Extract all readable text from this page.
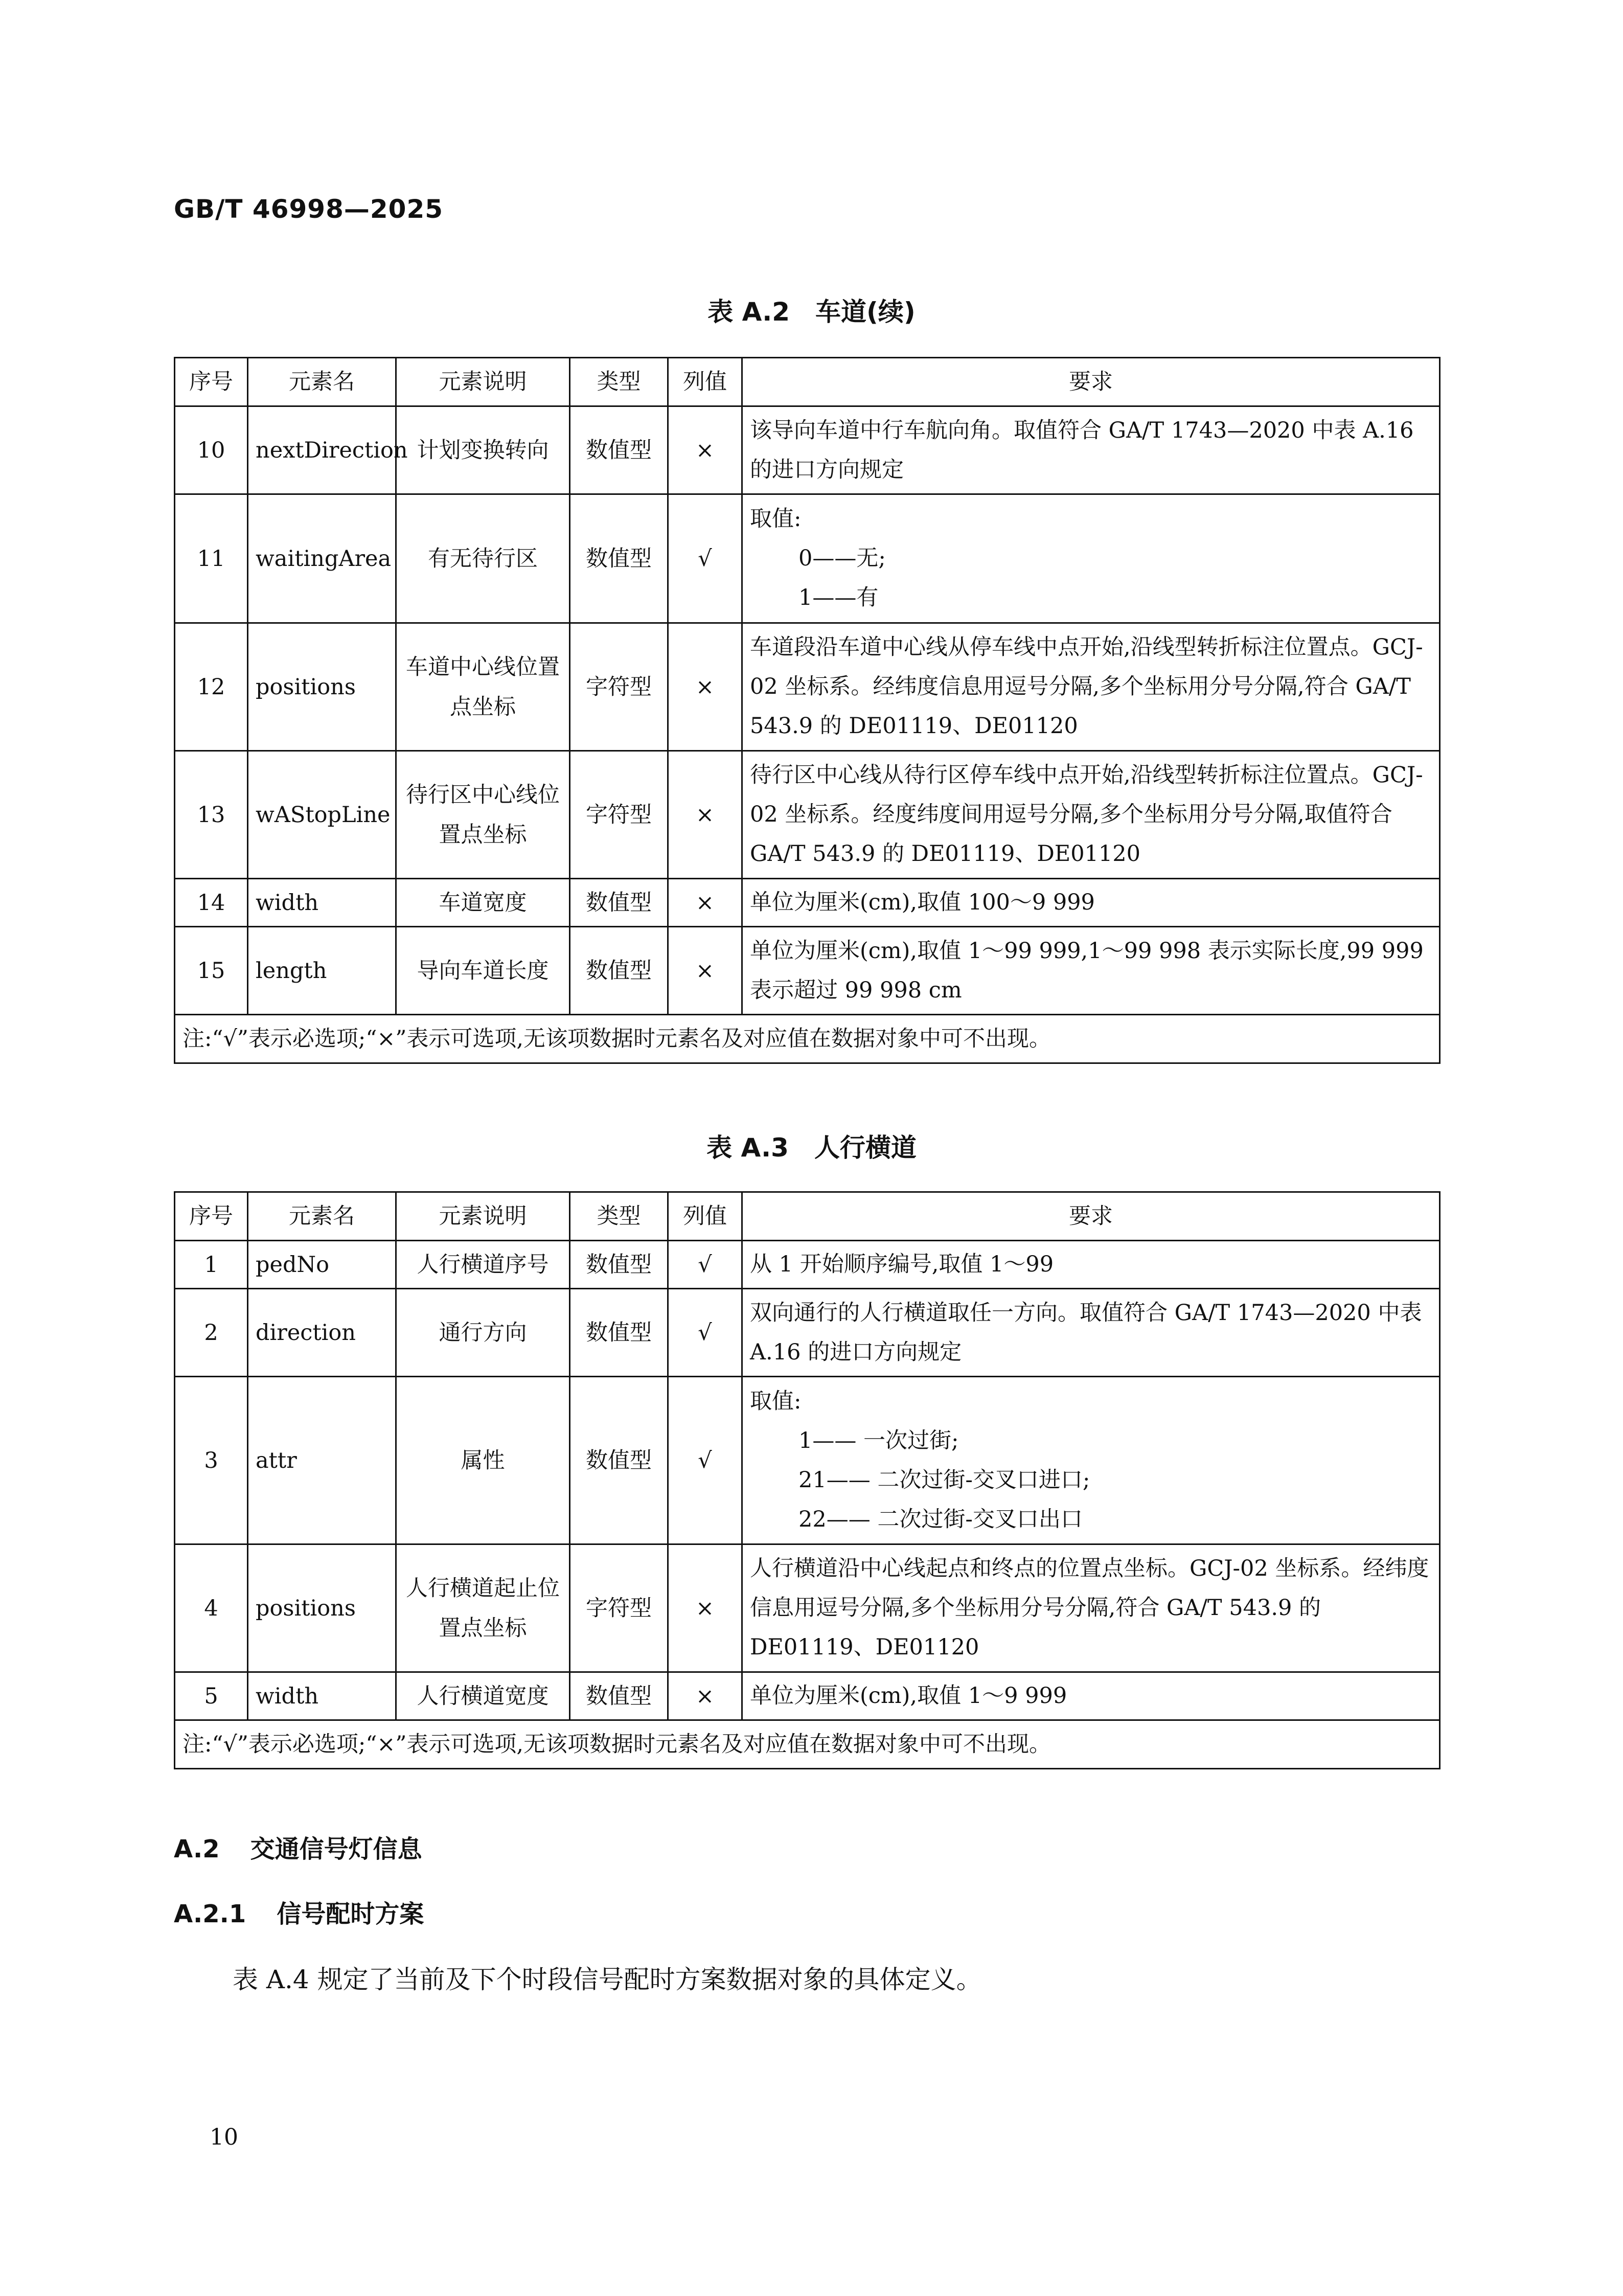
GB/T 46998—2025
表 A.2　车道(续)
序号	元素名	元素说明	类型	列值	要求
10	nextDirection	计划变换转向	数值型	×	该导向车道中行车航向角。取值符合 GA/T 1743—2020 中表 A.16 的进口方向规定
11	waitingArea	有无待行区	数值型	√	取值:
0——无;
1——有

12	positions	车道中心线位置点坐标	字符型	×	车道段沿车道中心线从停车线中点开始,沿线型转折标注位置点。GCJ-02 坐标系。经纬度信息用逗号分隔,多个坐标用分号分隔,符合 GA/T 543.9 的 DE01119、DE01120
13	wAStopLine	待行区中心线位置点坐标	字符型	×	待行区中心线从待行区停车线中点开始,沿线型转折标注位置点。GCJ-02 坐标系。经度纬度间用逗号分隔,多个坐标用分号分隔,取值符合 GA/T 543.9 的 DE01119、DE01120
14	width	车道宽度	数值型	×	单位为厘米(cm),取值 100～9 999
15	length	导向车道长度	数值型	×	单位为厘米(cm),取值 1～99 999,1～99 998 表示实际长度,99 999 表示超过 99 998 cm
注:“√”表示必选项;“×”表示可选项,无该项数据时元素名及对应值在数据对象中可不出现。					
表 A.3　人行横道
序号	元素名	元素说明	类型	列值	要求
1	pedNo	人行横道序号	数值型	√	从 1 开始顺序编号,取值 1～99
2	direction	通行方向	数值型	√	双向通行的人行横道取任一方向。取值符合 GA/T 1743—2020 中表 A.16 的进口方向规定
3	attr	属性	数值型	√	取值:
1—— 一次过街;
21—— 二次过街-交叉口进口;
22—— 二次过街-交叉口出口

4	positions	人行横道起止位置点坐标	字符型	×	人行横道沿中心线起点和终点的位置点坐标。GCJ-02 坐标系。经纬度信息用逗号分隔,多个坐标用分号分隔,符合 GA/T 543.9 的 DE01119、DE01120
5	width	人行横道宽度	数值型	×	单位为厘米(cm),取值 1～9 999
注:“√”表示必选项;“×”表示可选项,无该项数据时元素名及对应值在数据对象中可不出现。					
A.2 交通信号灯信息
A.2.1 信号配时方案
表 A.4 规定了当前及下个时段信号配时方案数据对象的具体定义。
10
